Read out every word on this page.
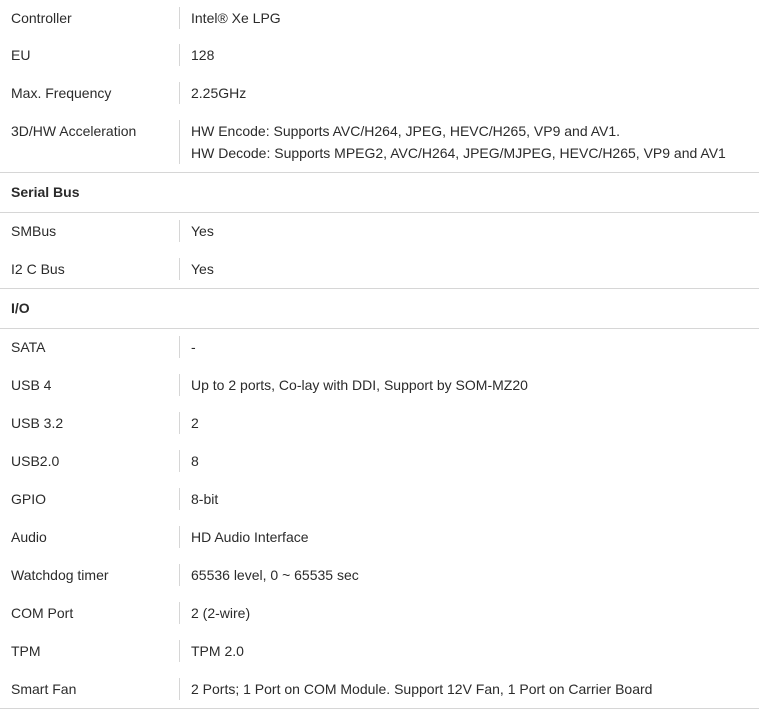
Controller	Intel® Xe LPG
EU	128
Max. Frequency	2.25GHz
3D/HW Acceleration	HW Encode: Supports AVC/H264, JPEG, HEVC/H265, VP9 and AV1.
HW Decode: Supports MPEG2, AVC/H264, JPEG/MJPEG, HEVC/H265, VP9 and AV1
Serial Bus
SMBus	Yes
I2 C Bus	Yes
I/O
SATA	-
USB 4	Up to 2 ports, Co-lay with DDI, Support by SOM-MZ20
USB 3.2	2
USB2.0	8
GPIO	8-bit
Audio	HD Audio Interface
Watchdog timer	65536 level, 0 ~ 65535 sec
COM Port	2 (2-wire)
TPM	TPM 2.0
Smart Fan	2 Ports; 1 Port on COM Module. Support 12V Fan, 1 Port on Carrier Board
